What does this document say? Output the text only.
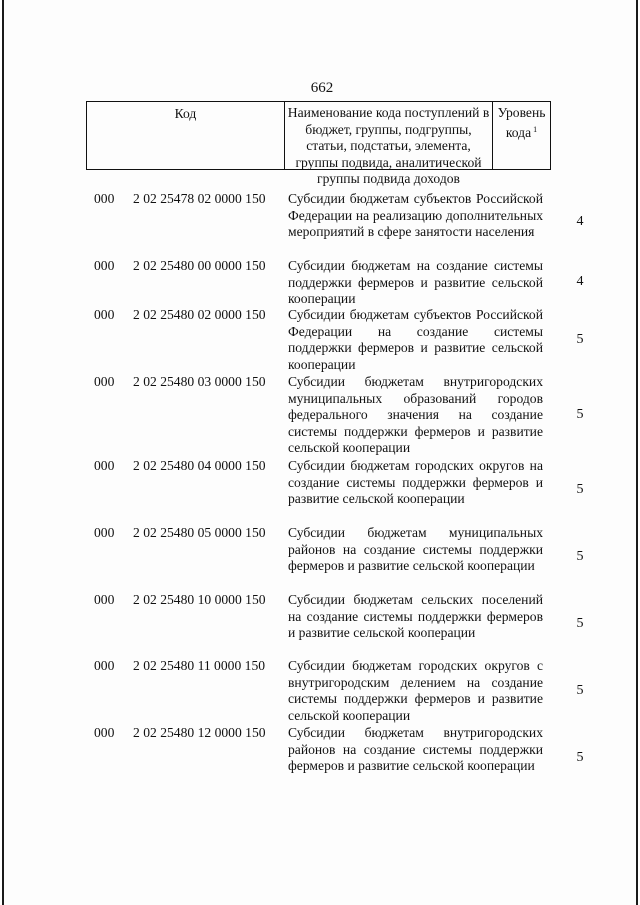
662
Код	Наименование кода поступлений в бюджет, группы, подгруппы, статьи, подстатьи, элемента, группы подвида, аналитической группы подвида доходов
Уровень кода $^1$
000 2 02 25478 02 0000 150 Субсидии бюджетам субъектов Российской Федерации на реализацию дополнительных мероприятий в сфере занятости населения
4
000 2 02 25480 00 0000 150 Субсидии бюджетам на создание системы поддержки фермеров и развитие сельской кооперации
4
000 2 02 25480 02 0000 150 Субсидии бюджетам субъектов Российской Федерации на создание системы поддержки фермеров и развитие сельской кооперации
5
000 2 02 25480 03 0000 150 Субсидии бюджетам внутригородских муниципальных образований городов федерального значения на создание системы поддержки фермеров и развитие сельской кооперации
5
000 2 02 25480 04 0000 150 Субсидии бюджетам городских округов на создание системы поддержки фермеров и развитие сельской кооперации
5
000 2 02 25480 05 0000 150 Субсидии бюджетам муниципальных районов на создание системы поддержки фермеров и развитие сельской кооперации
5
000 2 02 25480 10 0000 150 Субсидии бюджетам сельских поселений на создание системы поддержки фермеров и развитие сельской кооперации
5
000 2 02 25480 11 0000 150 Субсидии бюджетам городских округов с внутригородским делением на создание системы поддержки фермеров и развитие сельской кооперации
5
000 2 02 25480 12 0000 150 Субсидии бюджетам внутригородских районов на создание системы поддержки фермеров и развитие сельской кооперации
5
